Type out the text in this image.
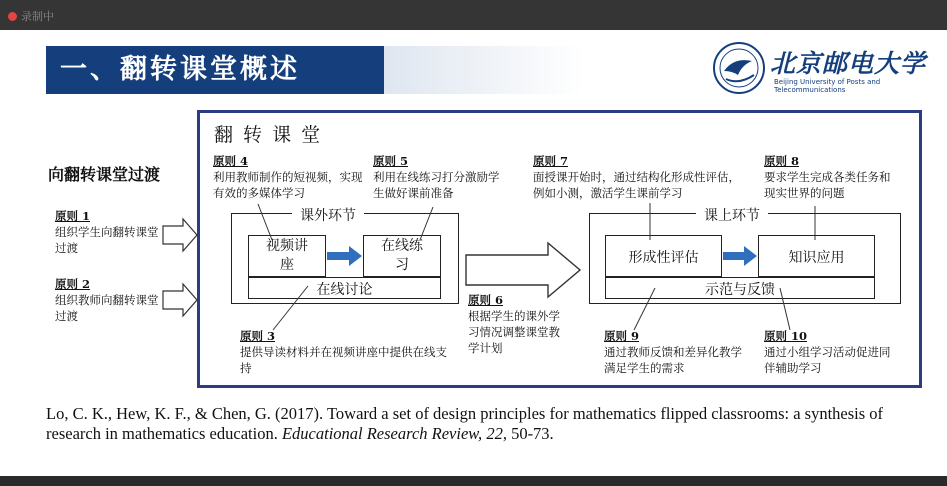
录制中
一、翻转课堂概述	北京邮电大学
Beijing University of Posts and Telecommunications
向翻转课堂过渡
原则 1
组织学生向翻转课堂过渡
原则 2
组织教师向翻转课堂过渡
翻 转 课 堂
课外环节
视频讲座
在线练习
在线讨论
课上环节
形成性评估	知识应用
示范与反馈
原则 4
利用教师制作的短视频，实现有效的多媒体学习
原则 5
利用在线练习打分激励学生做好课前准备
原则 7
面授课开始时，通过结构化形成性评估，例如小测，激活学生课前学习
原则 8
要求学生完成各类任务和现实世界的问题
原则 3
提供导读材料并在视频讲座中提供在线支持
原则 6
根据学生的课外学习情况调整课堂教学计划
原则 9
通过教师反馈和差异化教学满足学生的需求
原则 10
通过小组学习活动促进同伴辅助学习
Lo, C. K., Hew, K. F., & Chen, G. (2017). Toward a set of design principles for mathematics flipped classrooms: a synthesis of research in mathematics education. Educational Research Review, 22, 50-73.
